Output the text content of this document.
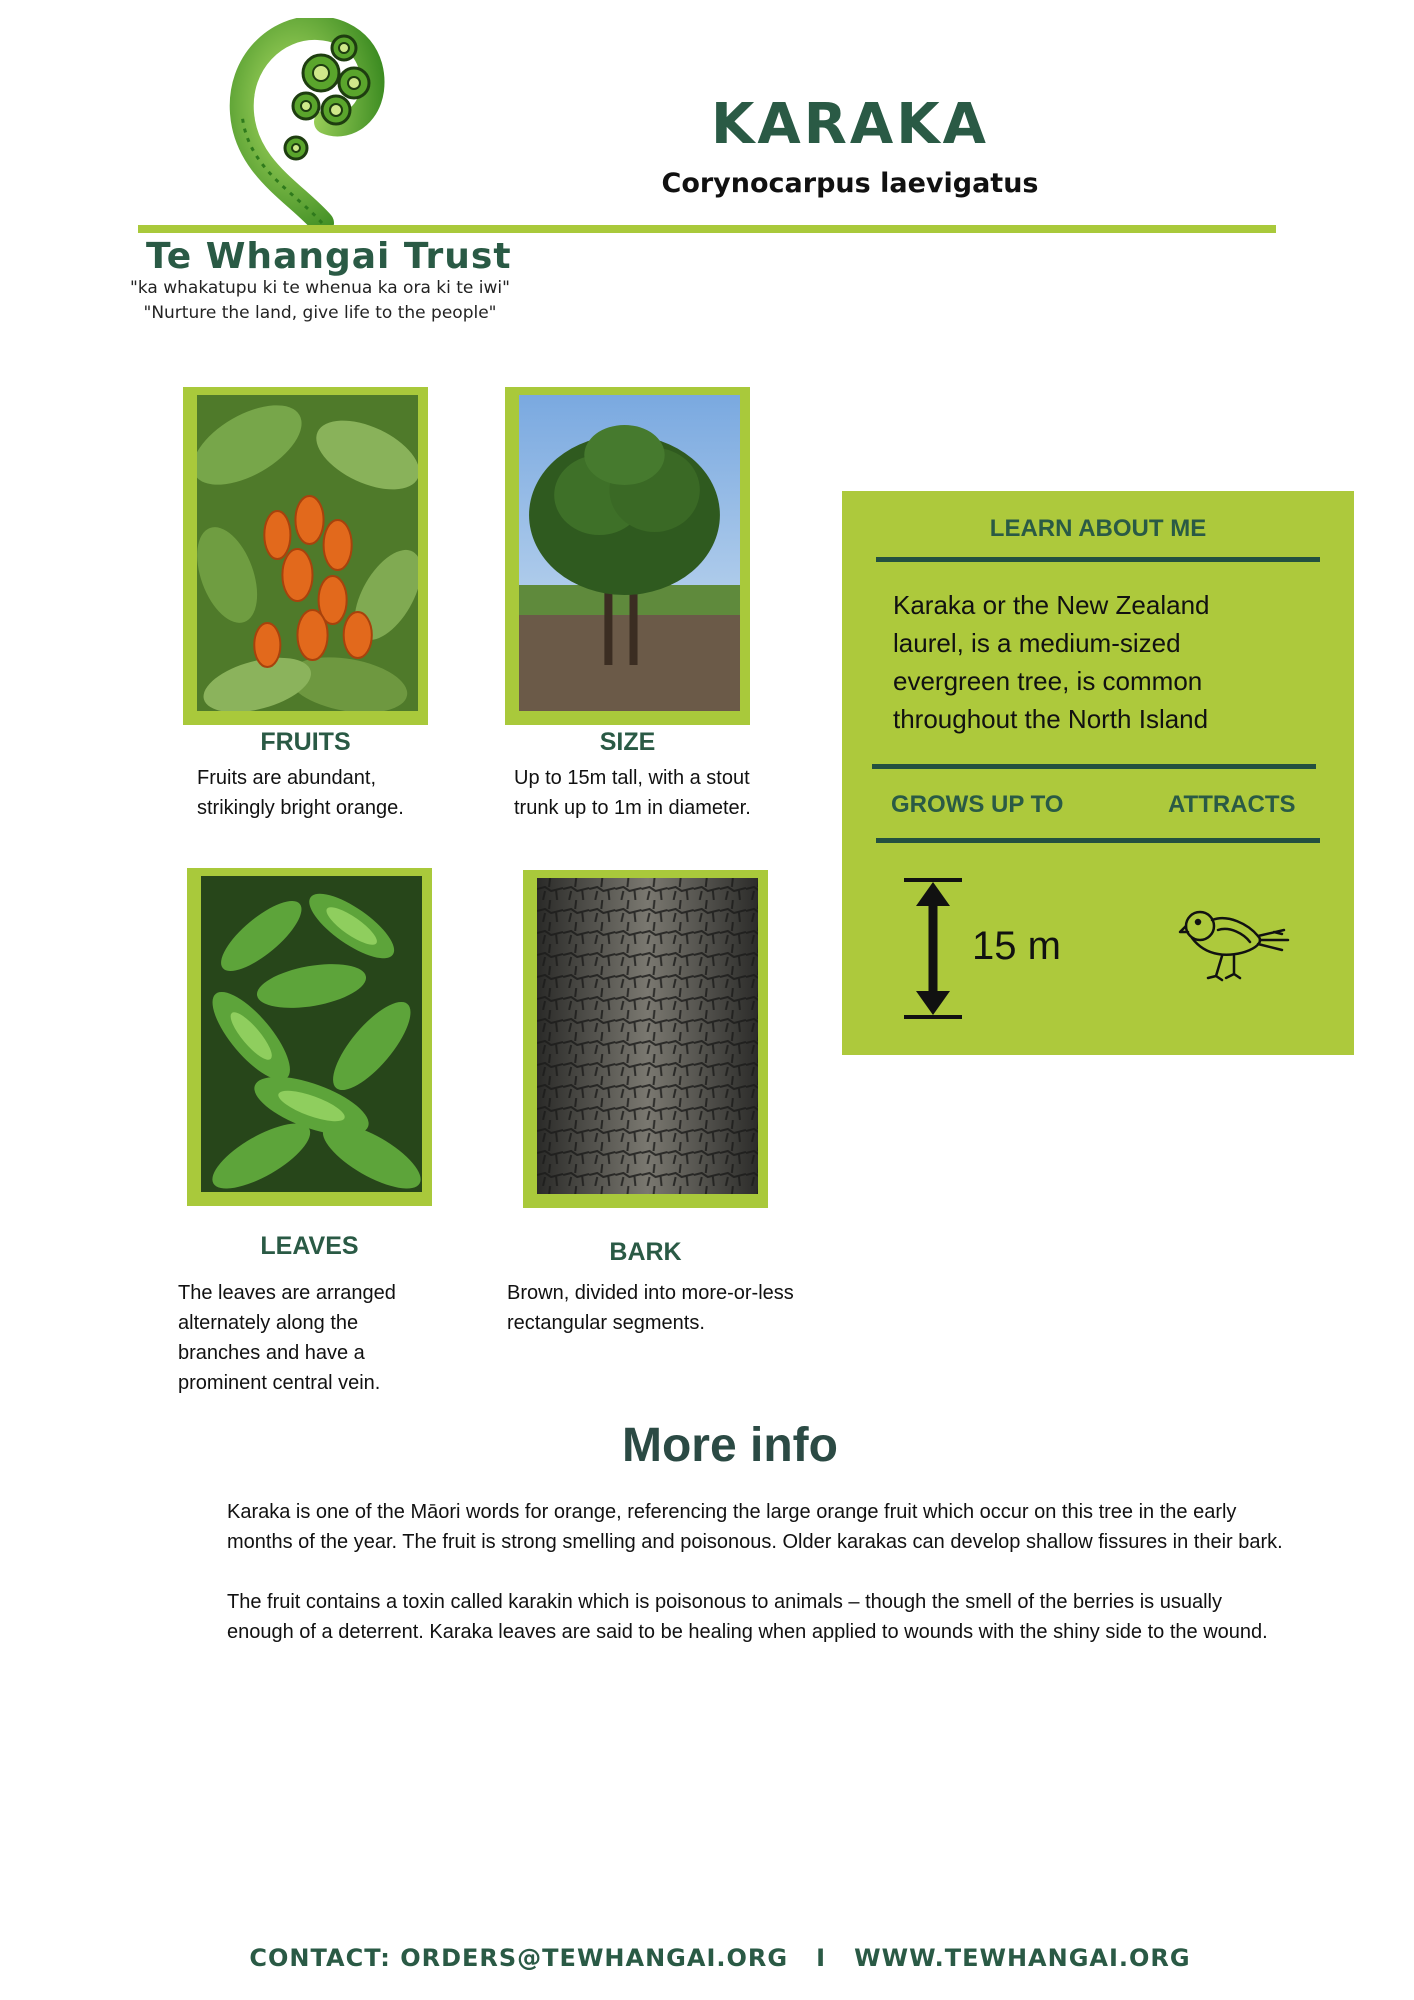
KARAKA
Corynocarpus laevigatus
Te Whangai Trust
"ka whakatupu ki te whenua ka ora ki te iwi"
"Nurture the land, give life to the people"
FRUITS
Fruits are abundant, strikingly bright orange.
SIZE
Up to 15m tall, with a stout trunk up to 1m in diameter.
LEAVES
The leaves are arranged alternately along the branches and have a prominent central vein.
BARK
Brown, divided into more-or-less rectangular segments.
LEARN ABOUT ME
Karaka or the New Zealand laurel, is a medium-sized evergreen tree, is common throughout the North Island
GROWS UP TO	ATTRACTS
15 m
More info
Karaka is one of the Māori words for orange, referencing the large orange fruit which occur on this tree in the early months of the year. The fruit is strong smelling and poisonous. Older karakas can develop shallow fissures in their bark.
The fruit contains a toxin called karakin which is poisonous to animals – though the smell of the berries is usually enough of a deterrent. Karaka leaves are said to be healing when applied to wounds with the shiny side to the wound.
CONTACT: ORDERS@TEWHANGAI.ORG   I   WWW.TEWHANGAI.ORG
